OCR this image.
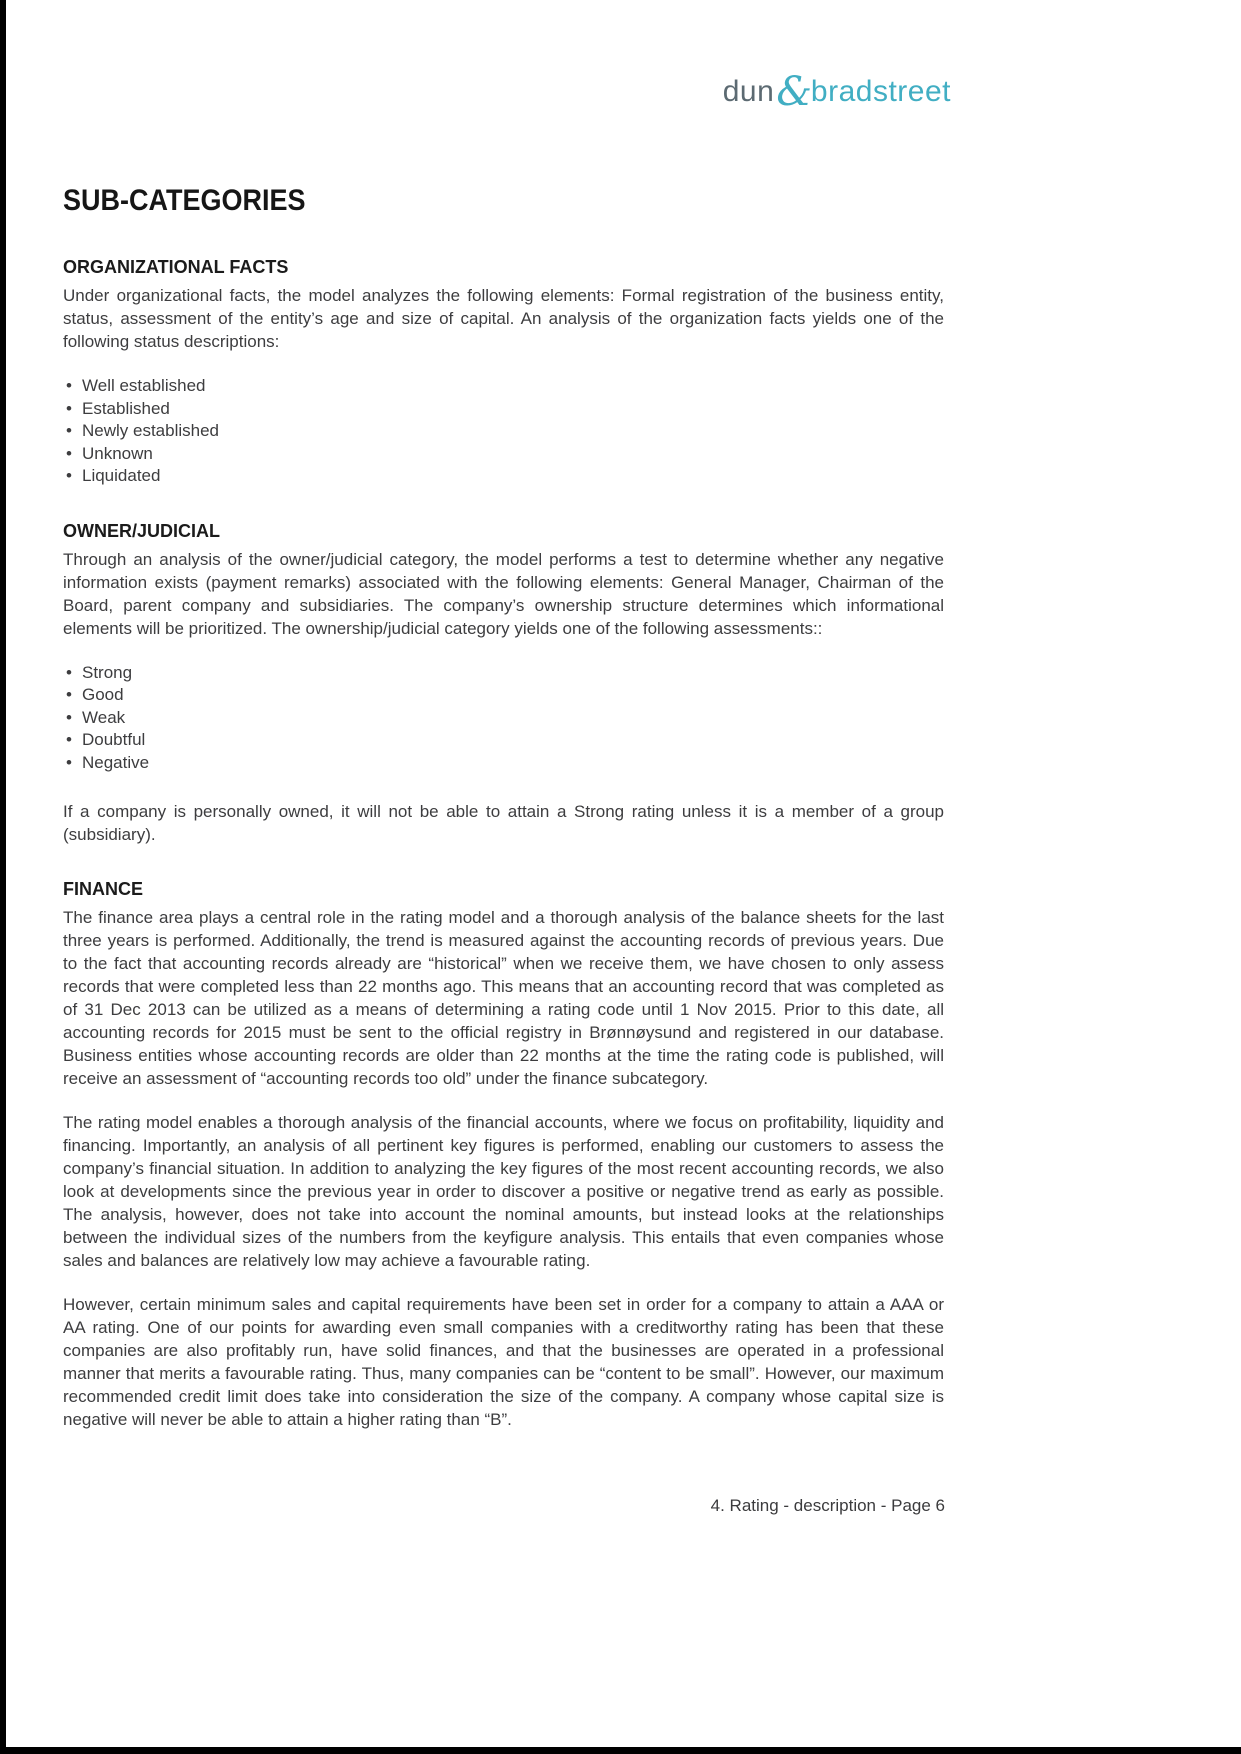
dun&bradstreet
SUB-CATEGORIES
ORGANIZATIONAL FACTS

Under organizational facts, the model analyzes the following elements: Formal registration of the business entity, status, assessment of the entity’s age and size of capital. An analysis of the organization facts yields one of the following status descriptions:

• Well established
• Established
• Newly established
• Unknown
• Liquidated
OWNER/JUDICIAL

Through an analysis of the owner/judicial category, the model performs a test to determine whether any negative information exists (payment remarks) associated with the following elements: General Manager, Chairman of the Board, parent company and subsidiaries. The company’s ownership structure determines which informational elements will be prioritized. The ownership/judicial category yields one of the following assessments::

• Strong
• Good
• Weak
• Doubtful
• Negative

If a company is personally owned, it will not be able to attain a Strong rating unless it is a member of a group (subsidiary).

FINANCE

The finance area plays a central role in the rating model and a thorough analysis of the balance sheets for the last three years is performed. Additionally, the trend is measured against the accounting records of previous years. Due to the fact that accounting records already are “historical” when we receive them, we have chosen to only assess records that were completed less than 22 months ago. This means that an accounting record that was completed as of 31 Dec 2013 can be utilized as a means of determining a rating code until 1 Nov 2015. Prior to this date, all accounting records for 2015 must be sent to the official registry in Brønnøysund and registered in our database. Business entities whose accounting records are older than 22 months at the time the rating code is published, will receive an assessment of “accounting records too old” under the finance subcategory.

The rating model enables a thorough analysis of the financial accounts, where we focus on profitability, liquidity and financing. Importantly, an analysis of all pertinent key figures is performed, enabling our customers to assess the company’s financial situation. In addition to analyzing the key figures of the most recent accounting records, we also look at developments since the previous year in order to discover a positive or negative trend as early as possible. The analysis, however, does not take into account the nominal amounts, but instead looks at the relationships between the individual sizes of the numbers from the keyfigure analysis. This entails that even companies whose sales and balances are relatively low may achieve a favourable rating.

However, certain minimum sales and capital requirements have been set in order for a company to attain a AAA or AA rating. One of our points for awarding even small companies with a creditworthy rating has been that these companies are also profitably run, have solid finances, and that the businesses are operated in a professional manner that merits a favourable rating. Thus, many companies can be “content to be small”. However, our maximum recommended credit limit does take into consideration the size of the company. A company whose capital size is negative will never be able to attain a higher rating than “B”.

4. Rating - description - Page 6
